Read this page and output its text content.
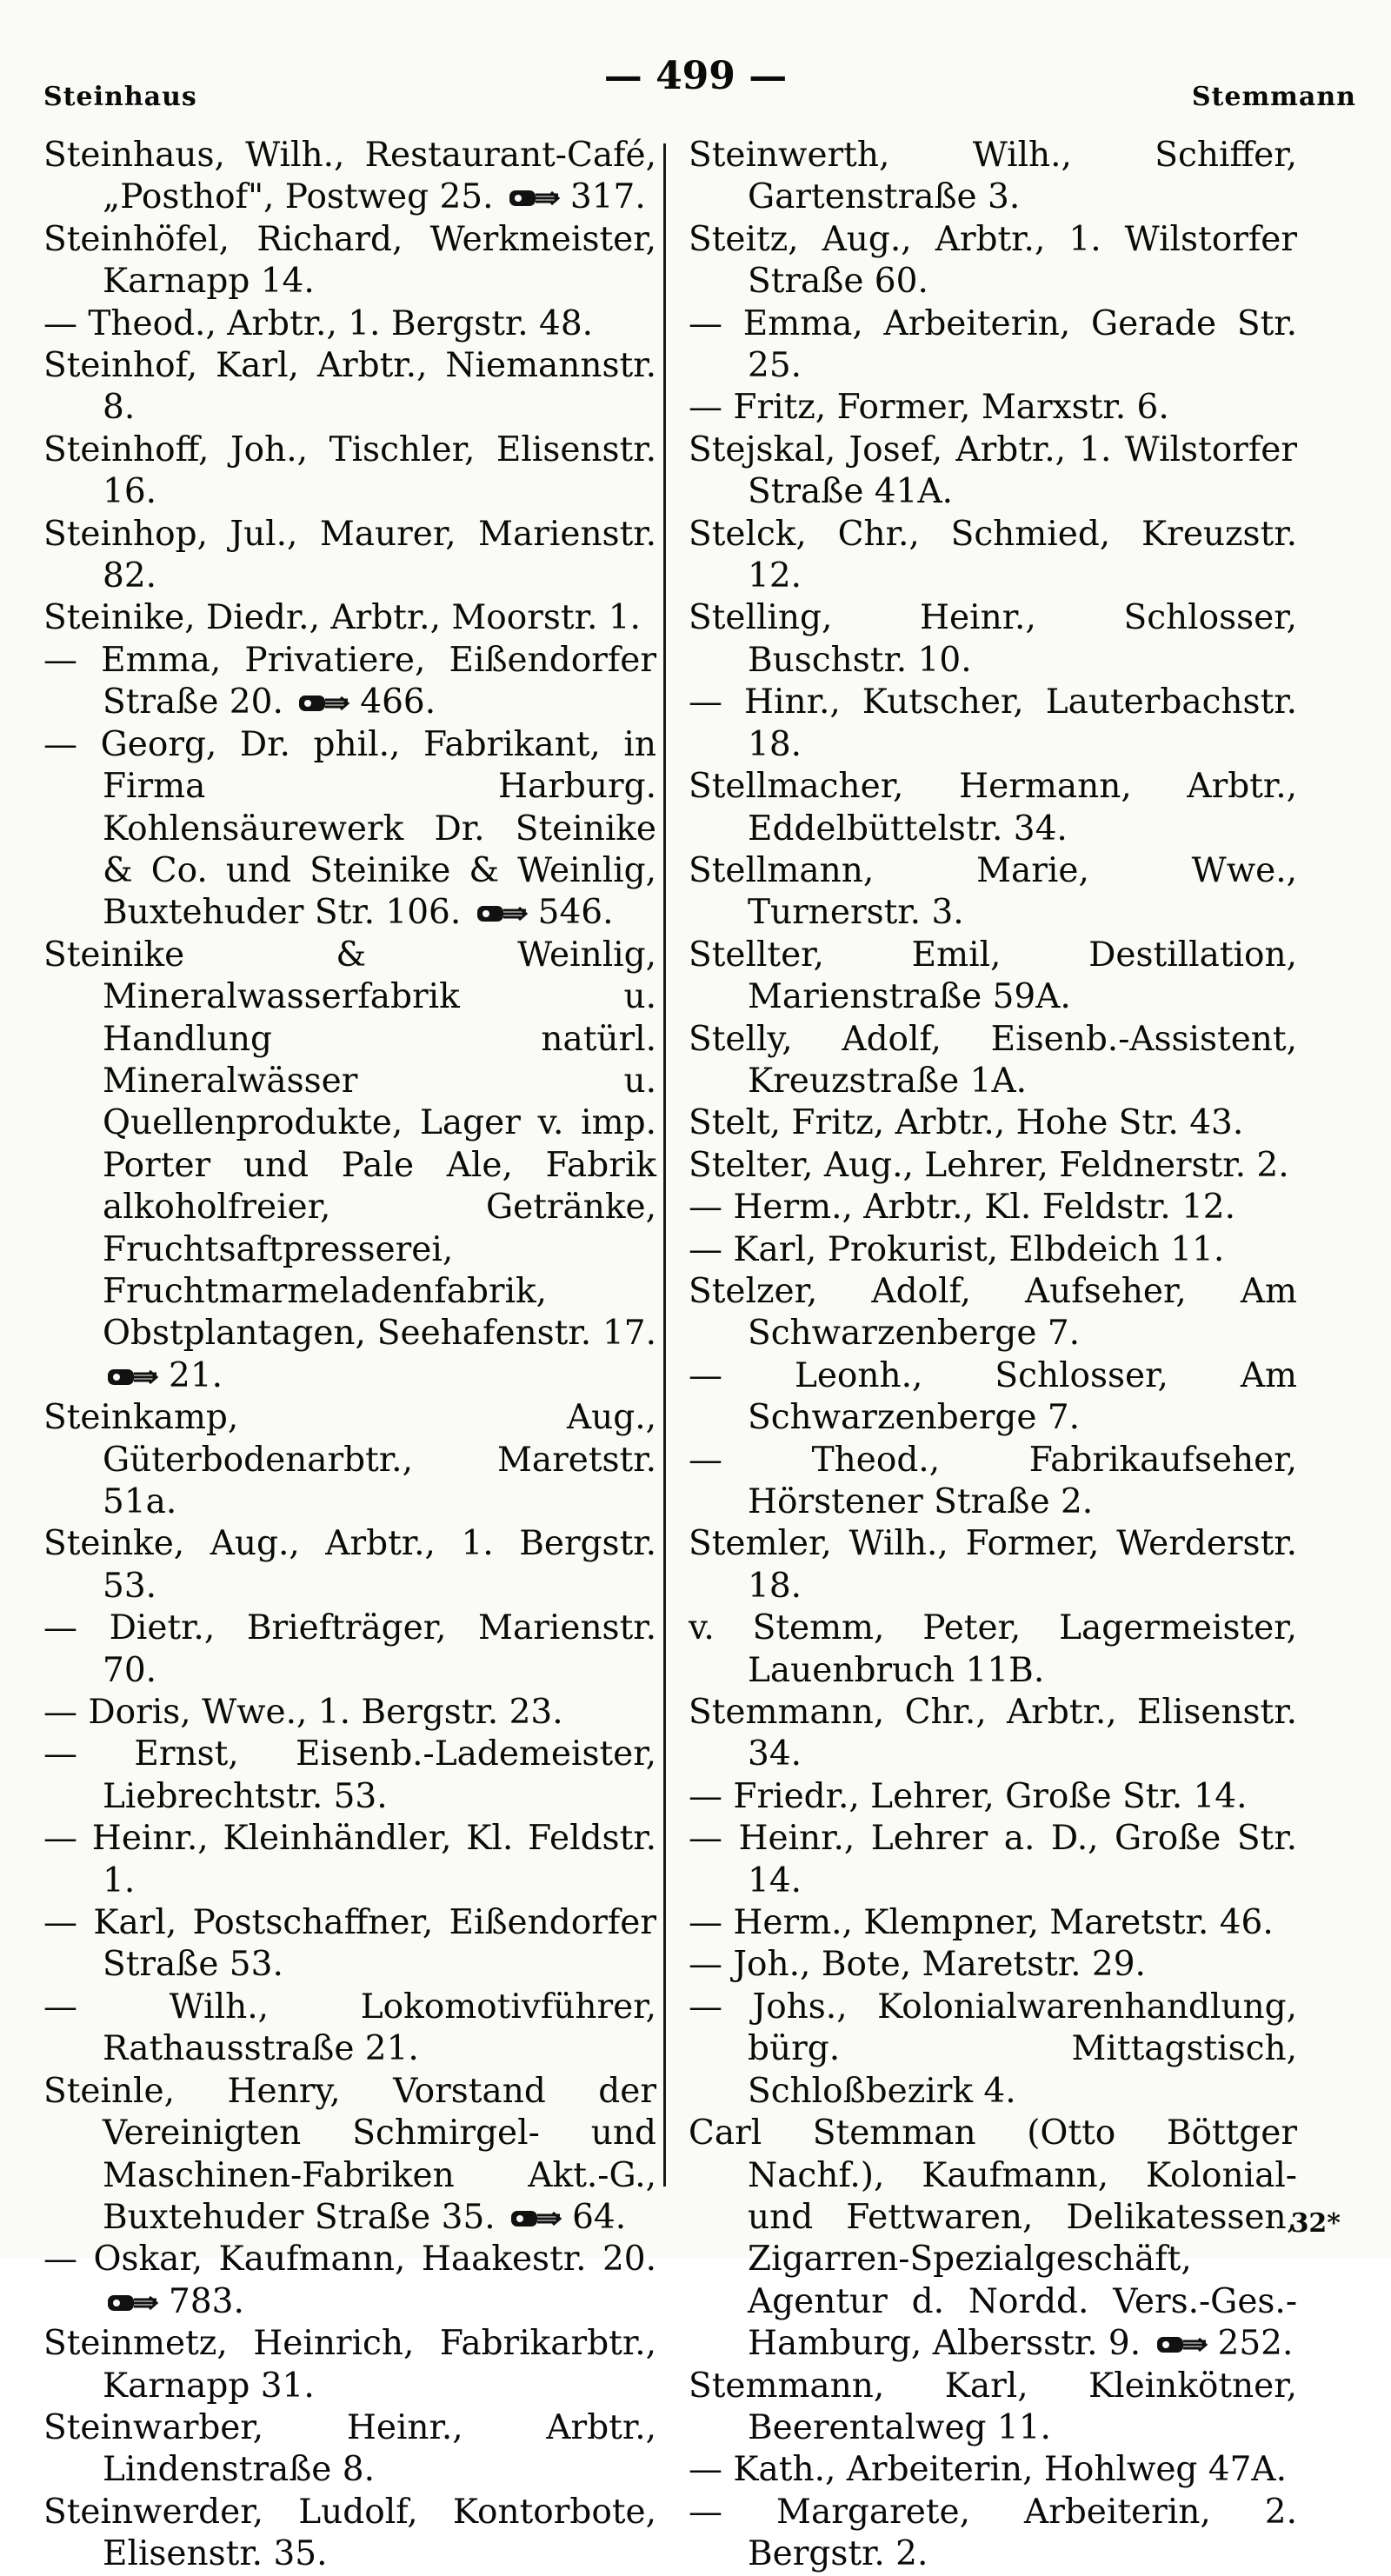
Steinhaus	— 499 —	Stemmann
Steinhaus, Wilh., Restaurant-Café, „Posthof", Postweg 25. 317.
Steinhöfel, Richard, Werkmeister, Karnapp 14.
— Theod., Arbtr., 1. Bergstr. 48.
Steinhof, Karl, Arbtr., Niemannstr. 8.
Steinhoff, Joh., Tischler, Elisenstr. 16.
Steinhop, Jul., Maurer, Marienstr. 82.
Steinike, Diedr., Arbtr., Moorstr. 1.
— Emma, Privatiere, Eißendorfer Straße 20. 466.
— Georg, Dr. phil., Fabrikant, in Firma Harburg. Kohlensäurewerk Dr. Steinike & Co. und Steinike & Weinlig, Buxtehuder Str. 106. 546.
Steinike & Weinlig, Mineralwasserfabrik u. Handlung natürl. Mineralwässer u. Quellenprodukte, Lager v. imp. Porter und Pale Ale, Fabrik alkoholfreier, Getränke, Fruchtsaftpresserei, Fruchtmarmeladenfabrik, Obstplantagen, Seehafenstr. 17. 21.
Steinkamp, Aug., Güterbodenarbtr., Maretstr. 51a.
Steinke, Aug., Arbtr., 1. Bergstr. 53.
— Dietr., Briefträger, Marienstr. 70.
— Doris, Wwe., 1. Bergstr. 23.
— Ernst, Eisenb.-Lademeister, Liebrechtstr. 53.
— Heinr., Kleinhändler, Kl. Feldstr. 1.
— Karl, Postschaffner, Eißendorfer Straße 53.
— Wilh., Lokomotivführer, Rathausstraße 21.
Steinle, Henry, Vorstand der Vereinigten Schmirgel- und Maschinen-Fabriken Akt.-G., Buxtehuder Straße 35. 64.
— Oskar, Kaufmann, Haakestr. 20. 783.
Steinmetz, Heinrich, Fabrikarbtr., Karnapp 31.
Steinwarber, Heinr., Arbtr., Lindenstraße 8.
Steinwerder, Ludolf, Kontorbote, Elisenstr. 35.
Steinwerth, Wilh., Schiffer, Gartenstraße 3.
Steitz, Aug., Arbtr., 1. Wilstorfer Straße 60.
— Emma, Arbeiterin, Gerade Str. 25.
— Fritz, Former, Marxstr. 6.
Stejskal, Josef, Arbtr., 1. Wilstorfer Straße 41A.
Stelck, Chr., Schmied, Kreuzstr. 12.
Stelling, Heinr., Schlosser, Buschstr. 10.
— Hinr., Kutscher, Lauterbachstr. 18.
Stellmacher, Hermann, Arbtr., Eddelbüttelstr. 34.
Stellmann, Marie, Wwe., Turnerstr. 3.
Stellter, Emil, Destillation, Marienstraße 59A.
Stelly, Adolf, Eisenb.-Assistent, Kreuzstraße 1A.
Stelt, Fritz, Arbtr., Hohe Str. 43.
Stelter, Aug., Lehrer, Feldnerstr. 2.
— Herm., Arbtr., Kl. Feldstr. 12.
— Karl, Prokurist, Elbdeich 11.
Stelzer, Adolf, Aufseher, Am Schwarzenberge 7.
— Leonh., Schlosser, Am Schwarzenberge 7.
— Theod., Fabrikaufseher, Hörstener Straße 2.
Stemler, Wilh., Former, Werderstr. 18.
v. Stemm, Peter, Lagermeister, Lauenbruch 11B.
Stemmann, Chr., Arbtr., Elisenstr. 34.
— Friedr., Lehrer, Große Str. 14.
— Heinr., Lehrer a. D., Große Str. 14.
— Herm., Klempner, Maretstr. 46.
— Joh., Bote, Maretstr. 29.
— Johs., Kolonialwarenhandlung, bürg. Mittagstisch, Schloßbezirk 4.
Carl Stemman (Otto Böttger Nachf.), Kaufmann, Kolonial- und Fettwaren, Delikatessen, Zigarren-Spezialgeschäft, Agentur d. Nordd. Vers.-Ges.-Hamburg, Albersstr. 9. 252.
Stemmann, Karl, Kleinkötner, Beerentalweg 11.
— Kath., Arbeiterin, Hohlweg 47A.
— Margarete, Arbeiterin, 2. Bergstr. 2.
32*
